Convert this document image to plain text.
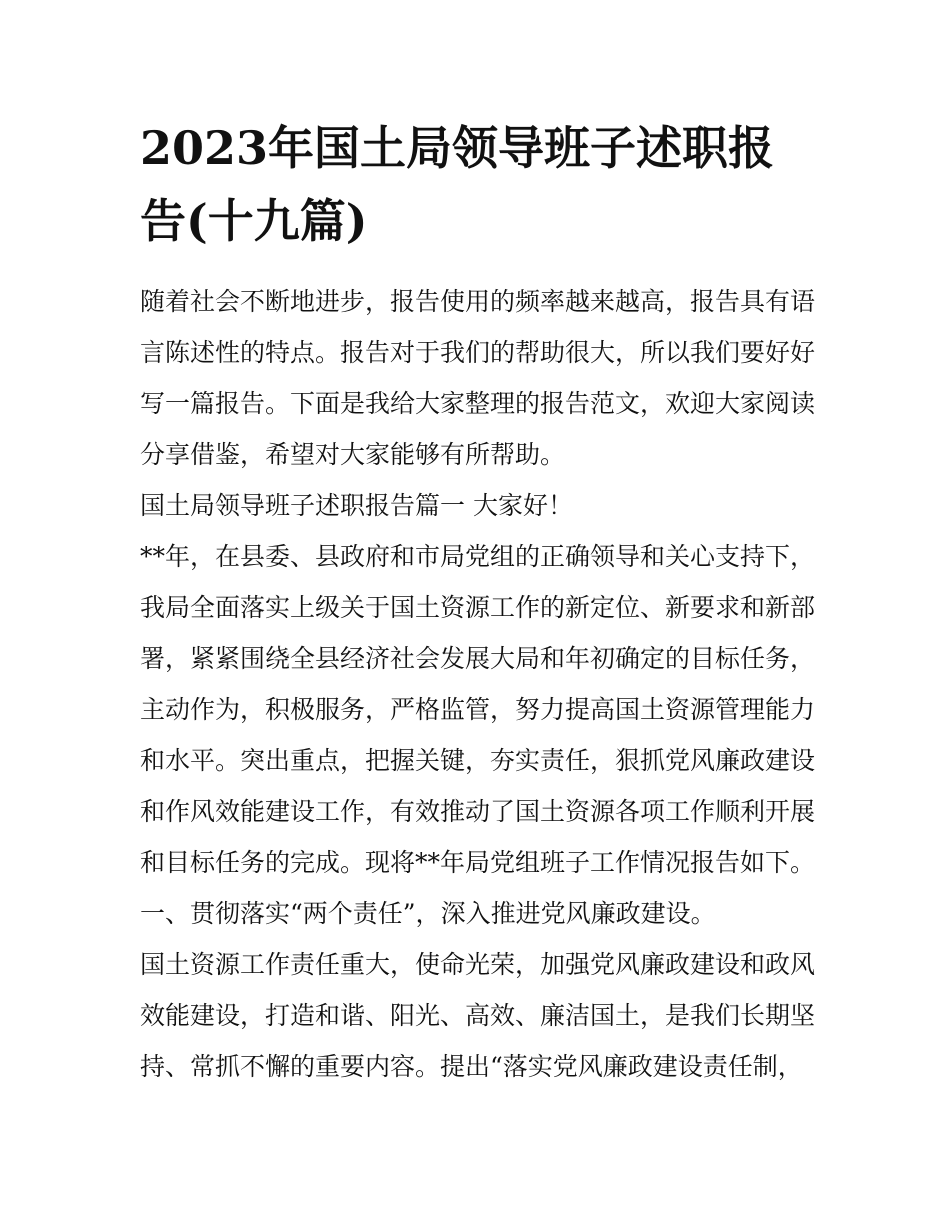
2023年国土局领导班子述职报
告(十九篇)

随着社会不断地进步，报告使用的频率越来越高，报告具有语
言陈述性的特点。报告对于我们的帮助很大，所以我们要好好
写一篇报告。下面是我给大家整理的报告范文，欢迎大家阅读
分享借鉴，希望对大家能够有所帮助。

国土局领导班子述职报告篇一 大家好！

**年，在县委、县政府和市局党组的正确领导和关心支持下，
我局全面落实上级关于国土资源工作的新定位、新要求和新部
署，紧紧围绕全县经济社会发展大局和年初确定的目标任务，
主动作为，积极服务，严格监管，努力提高国土资源管理能力
和水平。突出重点，把握关键，夯实责任，狠抓党风廉政建设
和作风效能建设工作，有效推动了国土资源各项工作顺利开展
和目标任务的完成。现将**年局党组班子工作情况报告如下。

一、贯彻落实“两个责任”，深入推进党风廉政建设。

国土资源工作责任重大，使命光荣，加强党风廉政建设和政风
效能建设，打造和谐、阳光、高效、廉洁国土，是我们长期坚
持、常抓不懈的重要内容。提出“落实党风廉政建设责任制，
